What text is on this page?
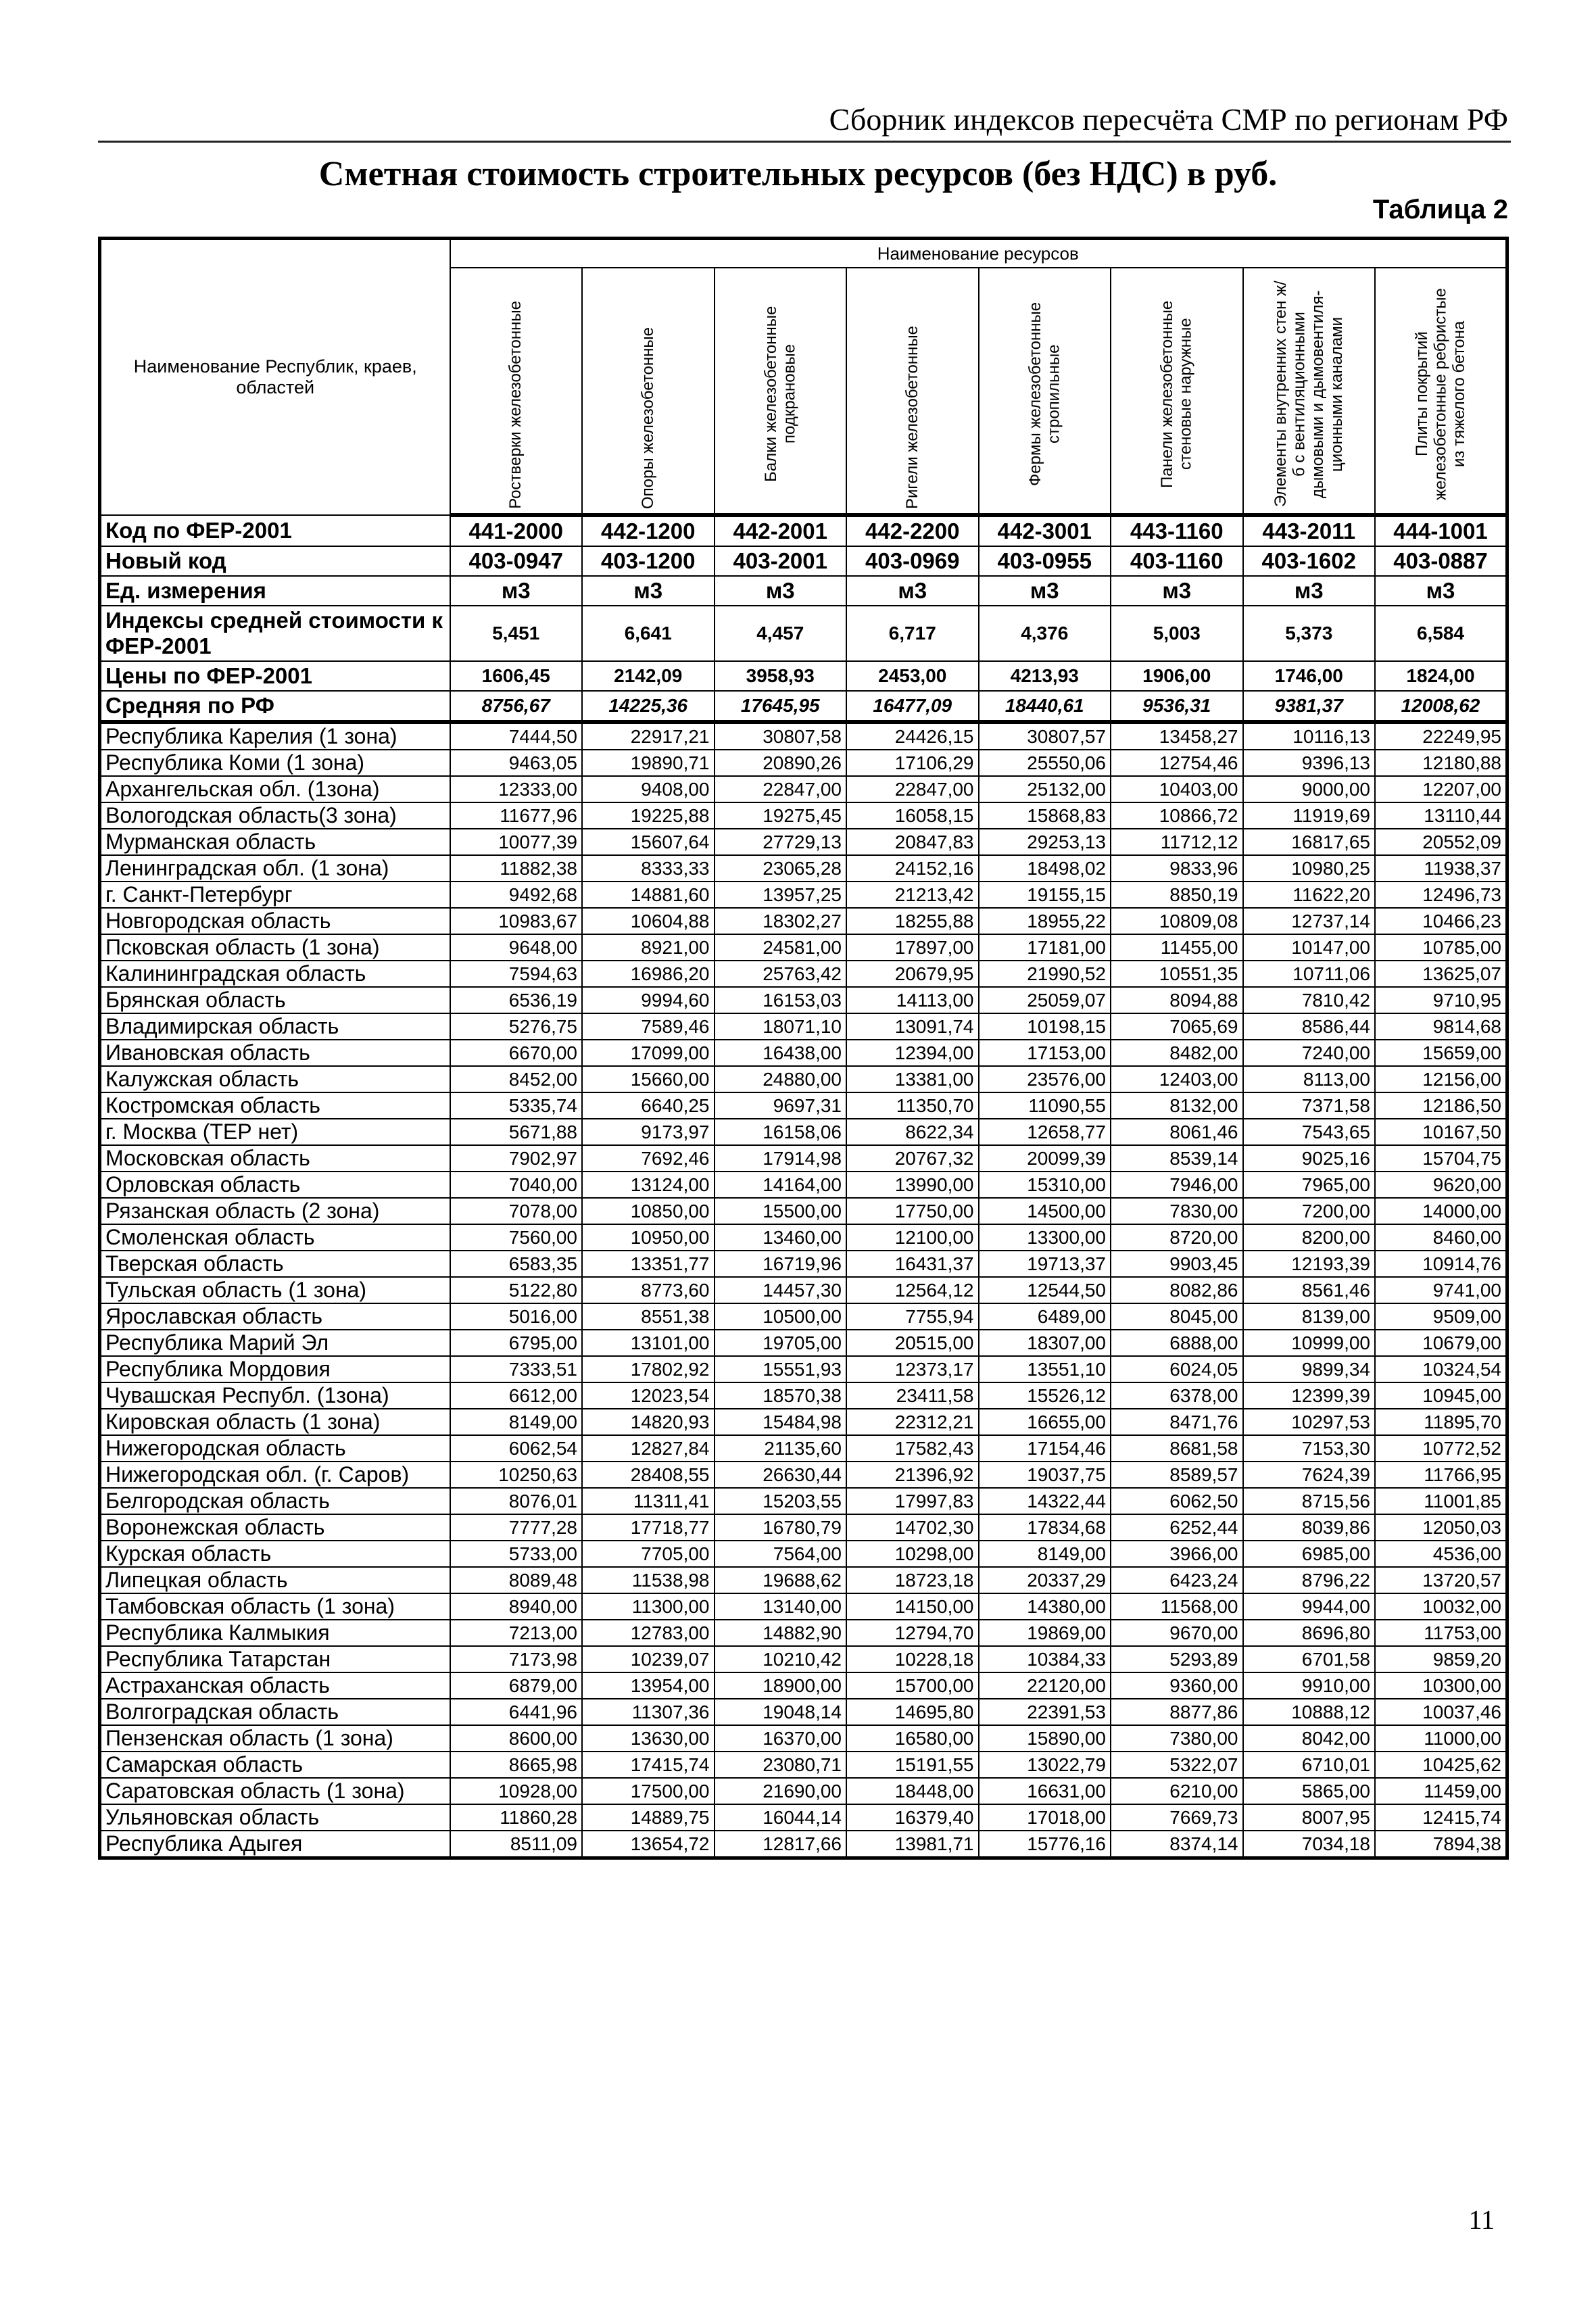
Сборник индексов пересчёта СМР по регионам РФ
Сметная стоимость строительных ресурсов (без НДС) в руб.
Таблица 2
Наименование Республик, краев, областей	Наименование ресурсов							

	Ростверки железобетонные	Опоры железобетонные	Балки железобетонные подкрановые	Ригели железобетонные	Фермы железобетонные стропильные	Панели железобетонные стеновые наружные	Элементы внутренних стен ж/б с вентиляционными дымовыми и дымовентиля-ционными каналами	Плиты покрытий железобетонные ребристые из тяжелого бетона

Код по ФЕР-2001	441-2000	442-1200	442-2001	442-2200	442-3001	443-1160	443-2011	444-1001
Новый код	403-0947	403-1200	403-2001	403-0969	403-0955	403-1160	403-1602	403-0887
Ед. измерения	м3	м3	м3	м3	м3	м3	м3	м3
Индексы средней стоимости к ФЕР-2001	5,451	6,641	4,457	6,717	4,376	5,003	5,373	6,584
Цены по ФЕР-2001	1606,45	2142,09	3958,93	2453,00	4213,93	1906,00	1746,00	1824,00
Средняя по РФ	8756,67	14225,36	17645,95	16477,09	18440,61	9536,31	9381,37	12008,62
Республика Карелия (1 зона)	7444,50	22917,21	30807,58	24426,15	30807,57	13458,27	10116,13	22249,95
Республика Коми (1 зона)	9463,05	19890,71	20890,26	17106,29	25550,06	12754,46	9396,13	12180,88
Архангельская обл. (1зона)	12333,00	9408,00	22847,00	22847,00	25132,00	10403,00	9000,00	12207,00
Вологодская область(3 зона)	11677,96	19225,88	19275,45	16058,15	15868,83	10866,72	11919,69	13110,44
Мурманская область	10077,39	15607,64	27729,13	20847,83	29253,13	11712,12	16817,65	20552,09
Ленинградская обл. (1 зона)	11882,38	8333,33	23065,28	24152,16	18498,02	9833,96	10980,25	11938,37
г. Санкт-Петербург	9492,68	14881,60	13957,25	21213,42	19155,15	8850,19	11622,20	12496,73
Новгородская область	10983,67	10604,88	18302,27	18255,88	18955,22	10809,08	12737,14	10466,23
Псковская область (1 зона)	9648,00	8921,00	24581,00	17897,00	17181,00	11455,00	10147,00	10785,00
Калининградская область	7594,63	16986,20	25763,42	20679,95	21990,52	10551,35	10711,06	13625,07
Брянская область	6536,19	9994,60	16153,03	14113,00	25059,07	8094,88	7810,42	9710,95
Владимирская область	5276,75	7589,46	18071,10	13091,74	10198,15	7065,69	8586,44	9814,68
Ивановская область	6670,00	17099,00	16438,00	12394,00	17153,00	8482,00	7240,00	15659,00
Калужская область	8452,00	15660,00	24880,00	13381,00	23576,00	12403,00	8113,00	12156,00
Костромская область	5335,74	6640,25	9697,31	11350,70	11090,55	8132,00	7371,58	12186,50
г. Москва (ТЕР нет)	5671,88	9173,97	16158,06	8622,34	12658,77	8061,46	7543,65	10167,50
Московская область	7902,97	7692,46	17914,98	20767,32	20099,39	8539,14	9025,16	15704,75
Орловская область	7040,00	13124,00	14164,00	13990,00	15310,00	7946,00	7965,00	9620,00
Рязанская область (2 зона)	7078,00	10850,00	15500,00	17750,00	14500,00	7830,00	7200,00	14000,00
Смоленская область	7560,00	10950,00	13460,00	12100,00	13300,00	8720,00	8200,00	8460,00
Тверская область	6583,35	13351,77	16719,96	16431,37	19713,37	9903,45	12193,39	10914,76
Тульская область (1 зона)	5122,80	8773,60	14457,30	12564,12	12544,50	8082,86	8561,46	9741,00
Ярославская область	5016,00	8551,38	10500,00	7755,94	6489,00	8045,00	8139,00	9509,00
Республика Марий Эл	6795,00	13101,00	19705,00	20515,00	18307,00	6888,00	10999,00	10679,00
Республика Мордовия	7333,51	17802,92	15551,93	12373,17	13551,10	6024,05	9899,34	10324,54
Чувашская Республ. (1зона)	6612,00	12023,54	18570,38	23411,58	15526,12	6378,00	12399,39	10945,00
Кировская область (1 зона)	8149,00	14820,93	15484,98	22312,21	16655,00	8471,76	10297,53	11895,70
Нижегородская область	6062,54	12827,84	21135,60	17582,43	17154,46	8681,58	7153,30	10772,52
Нижегородская обл. (г. Саров)	10250,63	28408,55	26630,44	21396,92	19037,75	8589,57	7624,39	11766,95
Белгородская область	8076,01	11311,41	15203,55	17997,83	14322,44	6062,50	8715,56	11001,85
Воронежская область	7777,28	17718,77	16780,79	14702,30	17834,68	6252,44	8039,86	12050,03
Курская область	5733,00	7705,00	7564,00	10298,00	8149,00	3966,00	6985,00	4536,00
Липецкая область	8089,48	11538,98	19688,62	18723,18	20337,29	6423,24	8796,22	13720,57
Тамбовская область (1 зона)	8940,00	11300,00	13140,00	14150,00	14380,00	11568,00	9944,00	10032,00
Республика Калмыкия	7213,00	12783,00	14882,90	12794,70	19869,00	9670,00	8696,80	11753,00
Республика Татарстан	7173,98	10239,07	10210,42	10228,18	10384,33	5293,89	6701,58	9859,20
Астраханская область	6879,00	13954,00	18900,00	15700,00	22120,00	9360,00	9910,00	10300,00
Волгоградская область	6441,96	11307,36	19048,14	14695,80	22391,53	8877,86	10888,12	10037,46
Пензенская область (1 зона)	8600,00	13630,00	16370,00	16580,00	15890,00	7380,00	8042,00	11000,00
Самарская область	8665,98	17415,74	23080,71	15191,55	13022,79	5322,07	6710,01	10425,62
Саратовская область (1 зона)	10928,00	17500,00	21690,00	18448,00	16631,00	6210,00	5865,00	11459,00
Ульяновская область	11860,28	14889,75	16044,14	16379,40	17018,00	7669,73	8007,95	12415,74
Республика Адыгея	8511,09	13654,72	12817,66	13981,71	15776,16	8374,14	7034,18	7894,38
11
